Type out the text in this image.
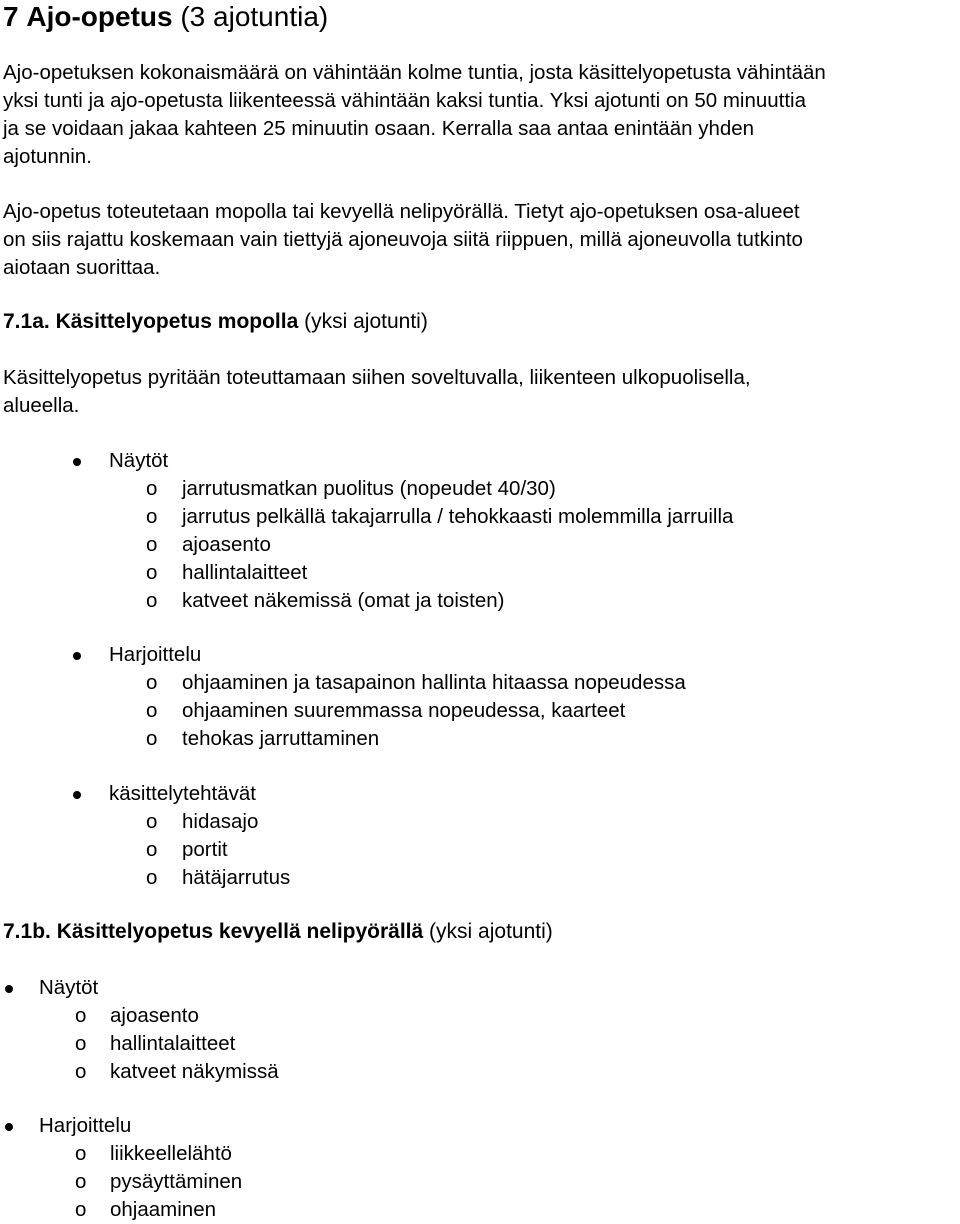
7 Ajo-opetus (3 ajotuntia)
Ajo-opetuksen kokonaismäärä on vähintään kolme tuntia, josta käsittelyopetusta vähintään
yksi tunti ja ajo-opetusta liikenteessä vähintään kaksi tuntia. Yksi ajotunti on 50 minuuttia
ja se voidaan jakaa kahteen 25 minuutin osaan. Kerralla saa antaa enintään yhden
ajotunnin.
Ajo-opetus toteutetaan mopolla tai kevyellä nelipyörällä. Tietyt ajo-opetuksen osa-alueet
on siis rajattu koskemaan vain tiettyjä ajoneuvoja siitä riippuen, millä ajoneuvolla tutkinto
aiotaan suorittaa.
7.1a. Käsittelyopetus mopolla (yksi ajotunti)
Käsittelyopetus pyritään toteuttamaan siihen soveltuvalla, liikenteen ulkopuolisella,
alueella.
Näytöt
o jarrutusmatkan puolitus (nopeudet 40/30)
o jarrutus pelkällä takajarrulla / tehokkaasti molemmilla jarruilla
o ajoasento
o hallintalaitteet
o katveet näkemissä (omat ja toisten)
Harjoittelu
o ohjaaminen ja tasapainon hallinta hitaassa nopeudessa
o ohjaaminen suuremmassa nopeudessa, kaarteet
o tehokas jarruttaminen
käsittelytehtävät
o hidasajo
o portit
o hätäjarrutus
7.1b. Käsittelyopetus kevyellä nelipyörällä (yksi ajotunti)
Näytöt
o ajoasento
o hallintalaitteet
o katveet näkymissä
Harjoittelu
o liikkeellelähtö
o pysäyttäminen
o ohjaaminen
